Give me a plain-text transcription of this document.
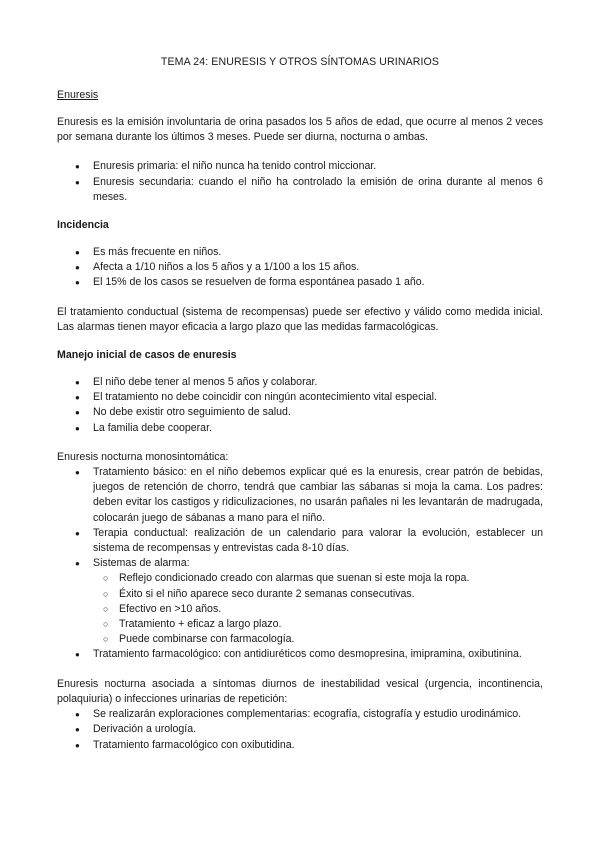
TEMA 24: ENURESIS Y OTROS SÍNTOMAS URINARIOS
Enuresis

Enuresis es la emisión involuntaria de orina pasados los 5 años de edad, que ocurre al menos 2 veces por semana durante los últimos 3 meses. Puede ser diurna, nocturna o ambas.

● Enuresis primaria: el niño nunca ha tenido control miccionar.
● Enuresis secundaria: cuando el niño ha controlado la emisión de orina durante al menos 6 meses.
Incidencia
● Es más frecuente en niños.
● Afecta a 1/10 niños a los 5 años y a 1/100 a los 15 años.
● El 15% de los casos se resuelven de forma espontánea pasado 1 año.

El tratamiento conductual (sistema de recompensas) puede ser efectivo y válido como medida inicial. Las alarmas tienen mayor eficacia a largo plazo que las medidas farmacológicas.

Manejo inicial de casos de enuresis
● El niño debe tener al menos 5 años y colaborar.
● El tratamiento no debe coincidir con ningún acontecimiento vital especial.
● No debe existir otro seguimiento de salud.
● La familia debe cooperar.
Enuresis nocturna monosintomática:
● Tratamiento básico: en el niño debemos explicar qué es la enuresis, crear patrón de bebidas, juegos de retención de chorro, tendrá que cambiar las sábanas si moja la cama. Los padres: deben evitar los castigos y ridiculizaciones, no usarán pañales ni les levantarán de madrugada, colocarán juego de sábanas a mano para el niño.
● Terapia conductual: realización de un calendario para valorar la evolución, establecer un sistema de recompensas y entrevistas cada 8-10 días.
● Sistemas de alarma:
○ Reflejo condicionado creado con alarmas que suenan si este moja la ropa.
○ Éxito si el niño aparece seco durante 2 semanas consecutivas.
○ Efectivo en >10 años.
○ Tratamiento + eficaz a largo plazo.
○ Puede combinarse con farmacología.
● Tratamiento farmacológico: con antidiuréticos como desmopresina, imipramina, oxibutinina.

Enuresis nocturna asociada a síntomas diurnos de inestabilidad vesical (urgencia, incontinencia, polaquiuria) o infecciones urinarias de repetición:

● Se realizarán exploraciones complementarias: ecografía, cistografía y estudio urodinámico.
● Derivación a urología.
● Tratamiento farmacológico con oxibutidina.
